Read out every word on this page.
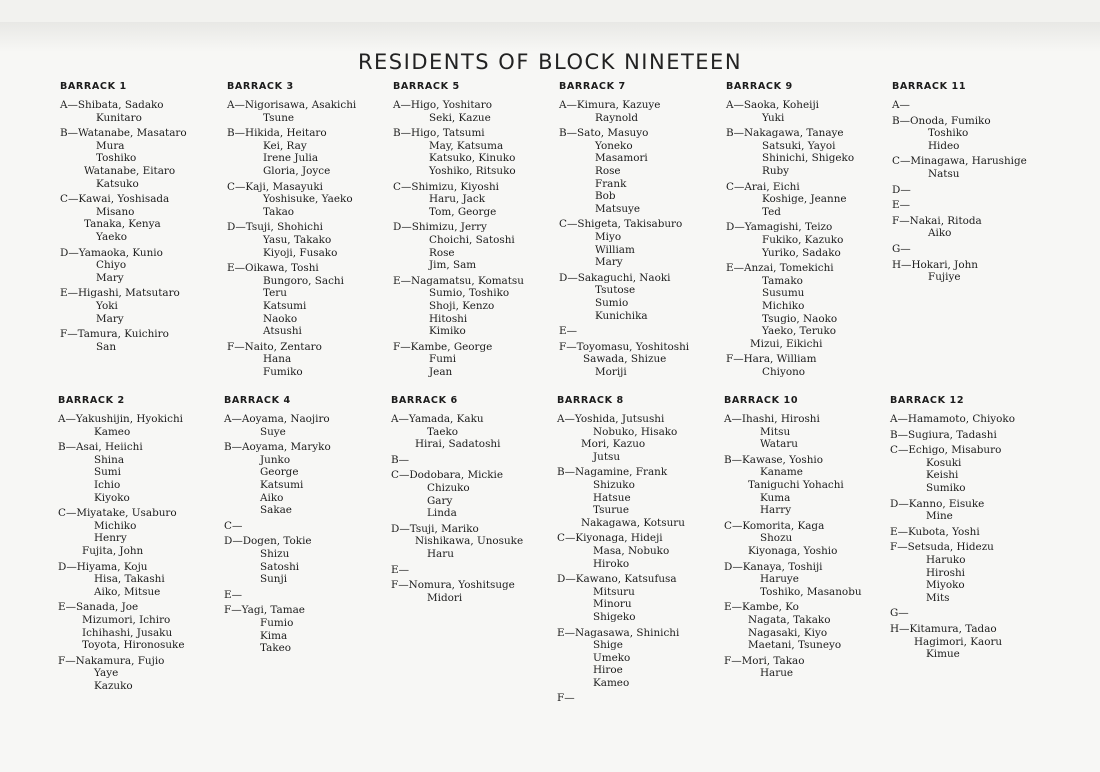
RESIDENTS OF BLOCK NINETEEN
BARRACK 1
A—Shibata, Sadako
Kunitaro
B—Watanabe, Masataro
Mura
Toshiko
Watanabe, Eitaro
Katsuko
C—Kawai, Yoshisada
Misano
Tanaka, Kenya
Yaeko
D—Yamaoka, Kunio
Chiyo
Mary
E—Higashi, Matsutaro
Yoki
Mary
F—Tamura, Kuichiro
San
BARRACK 3
A—Nigorisawa, Asakichi
Tsune
B—Hikida, Heitaro
Kei, Ray
Irene Julia
Gloria, Joyce
C—Kaji, Masayuki
Yoshisuke, Yaeko
Takao
D—Tsuji, Shohichi
Yasu, Takako
Kiyoji, Fusako
E—Oikawa, Toshi
Bungoro, Sachi
Teru
Katsumi
Naoko
Atsushi
F—Naito, Zentaro
Hana
Fumiko
BARRACK 5
A—Higo, Yoshitaro
Seki, Kazue
B—Higo, Tatsumi
May, Katsuma
Katsuko, Kinuko
Yoshiko, Ritsuko
C—Shimizu, Kiyoshi
Haru, Jack
Tom, George
D—Shimizu, Jerry
Choichi, Satoshi
Rose
Jim, Sam
E—Nagamatsu, Komatsu
Sumio, Toshiko
Shoji, Kenzo
Hitoshi
Kimiko
F—Kambe, George
Fumi
Jean
BARRACK 7
A—Kimura, Kazuye
Raynold
B—Sato, Masuyo
Yoneko
Masamori
Rose
Frank
Bob
Matsuye
C—Shigeta, Takisaburo
Miyo
William
Mary
D—Sakaguchi, Naoki
Tsutose
Sumio
Kunichika
E—
F—Toyomasu, Yoshitoshi
Sawada, Shizue
Moriji
BARRACK 9
A—Saoka, Koheiji
Yuki
B—Nakagawa, Tanaye
Satsuki, Yayoi
Shinichi, Shigeko
Ruby
C—Arai, Eichi
Koshige, Jeanne
Ted
D—Yamagishi, Teizo
Fukiko, Kazuko
Yuriko, Sadako
E—Anzai, Tomekichi
Tamako
Susumu
Michiko
Tsugio, Naoko
Yaeko, Teruko
Mizui, Eikichi
F—Hara, William
Chiyono
BARRACK 11
A—
B—Onoda, Fumiko
Toshiko
Hideo
C—Minagawa, Harushige
Natsu
D—
E—
F—Nakai, Ritoda
Aiko
G—
H—Hokari, John
Fujiye
BARRACK 2
A—Yakushijin, Hyokichi
Kameo
B—Asai, Heiichi
Shina
Sumi
Ichio
Kiyoko
C—Miyatake, Usaburo
Michiko
Henry
Fujita, John
D—Hiyama, Koju
Hisa, Takashi
Aiko, Mitsue
E—Sanada, Joe
Mizumori, Ichiro
Ichihashi, Jusaku
Toyota, Hironosuke
F—Nakamura, Fujio
Yaye
Kazuko
BARRACK 4
A—Aoyama, Naojiro
Suye
B—Aoyama, Maryko
Junko
George
Katsumi
Aiko
Sakae
C—
D—Dogen, Tokie
Shizu
Satoshi
Sunji
E—
F—Yagi, Tamae
Fumio
Kima
Takeo
BARRACK 6
A—Yamada, Kaku
Taeko
Hirai, Sadatoshi
B—
C—Dodobara, Mickie
Chizuko
Gary
Linda
D—Tsuji, Mariko
Nishikawa, Unosuke
Haru
E—
F—Nomura, Yoshitsuge
Midori
BARRACK 8
A—Yoshida, Jutsushi
Nobuko, Hisako
Mori, Kazuo
Jutsu
B—Nagamine, Frank
Shizuko
Hatsue
Tsurue
Nakagawa, Kotsuru
C—Kiyonaga, Hideji
Masa, Nobuko
Hiroko
D—Kawano, Katsufusa
Mitsuru
Minoru
Shigeko
E—Nagasawa, Shinichi
Shige
Umeko
Hiroe
Kameo
F—
BARRACK 10
A—Ihashi, Hiroshi
Mitsu
Wataru
B—Kawase, Yoshio
Kaname
Taniguchi Yohachi
Kuma
Harry
C—Komorita, Kaga
Shozu
Kiyonaga, Yoshio
D—Kanaya, Toshiji
Haruye
Toshiko, Masanobu
E—Kambe, Ko
Nagata, Takako
Nagasaki, Kiyo
Maetani, Tsuneyo
F—Mori, Takao
Harue
BARRACK 12
A—Hamamoto, Chiyoko
B—Sugiura, Tadashi
C—Echigo, Misaburo
Kosuki
Keishi
Sumiko
D—Kanno, Eisuke
Mine
E—Kubota, Yoshi
F—Setsuda, Hidezu
Haruko
Hiroshi
Miyoko
Mits
G—
H—Kitamura, Tadao
Hagimori, Kaoru
Kimue
